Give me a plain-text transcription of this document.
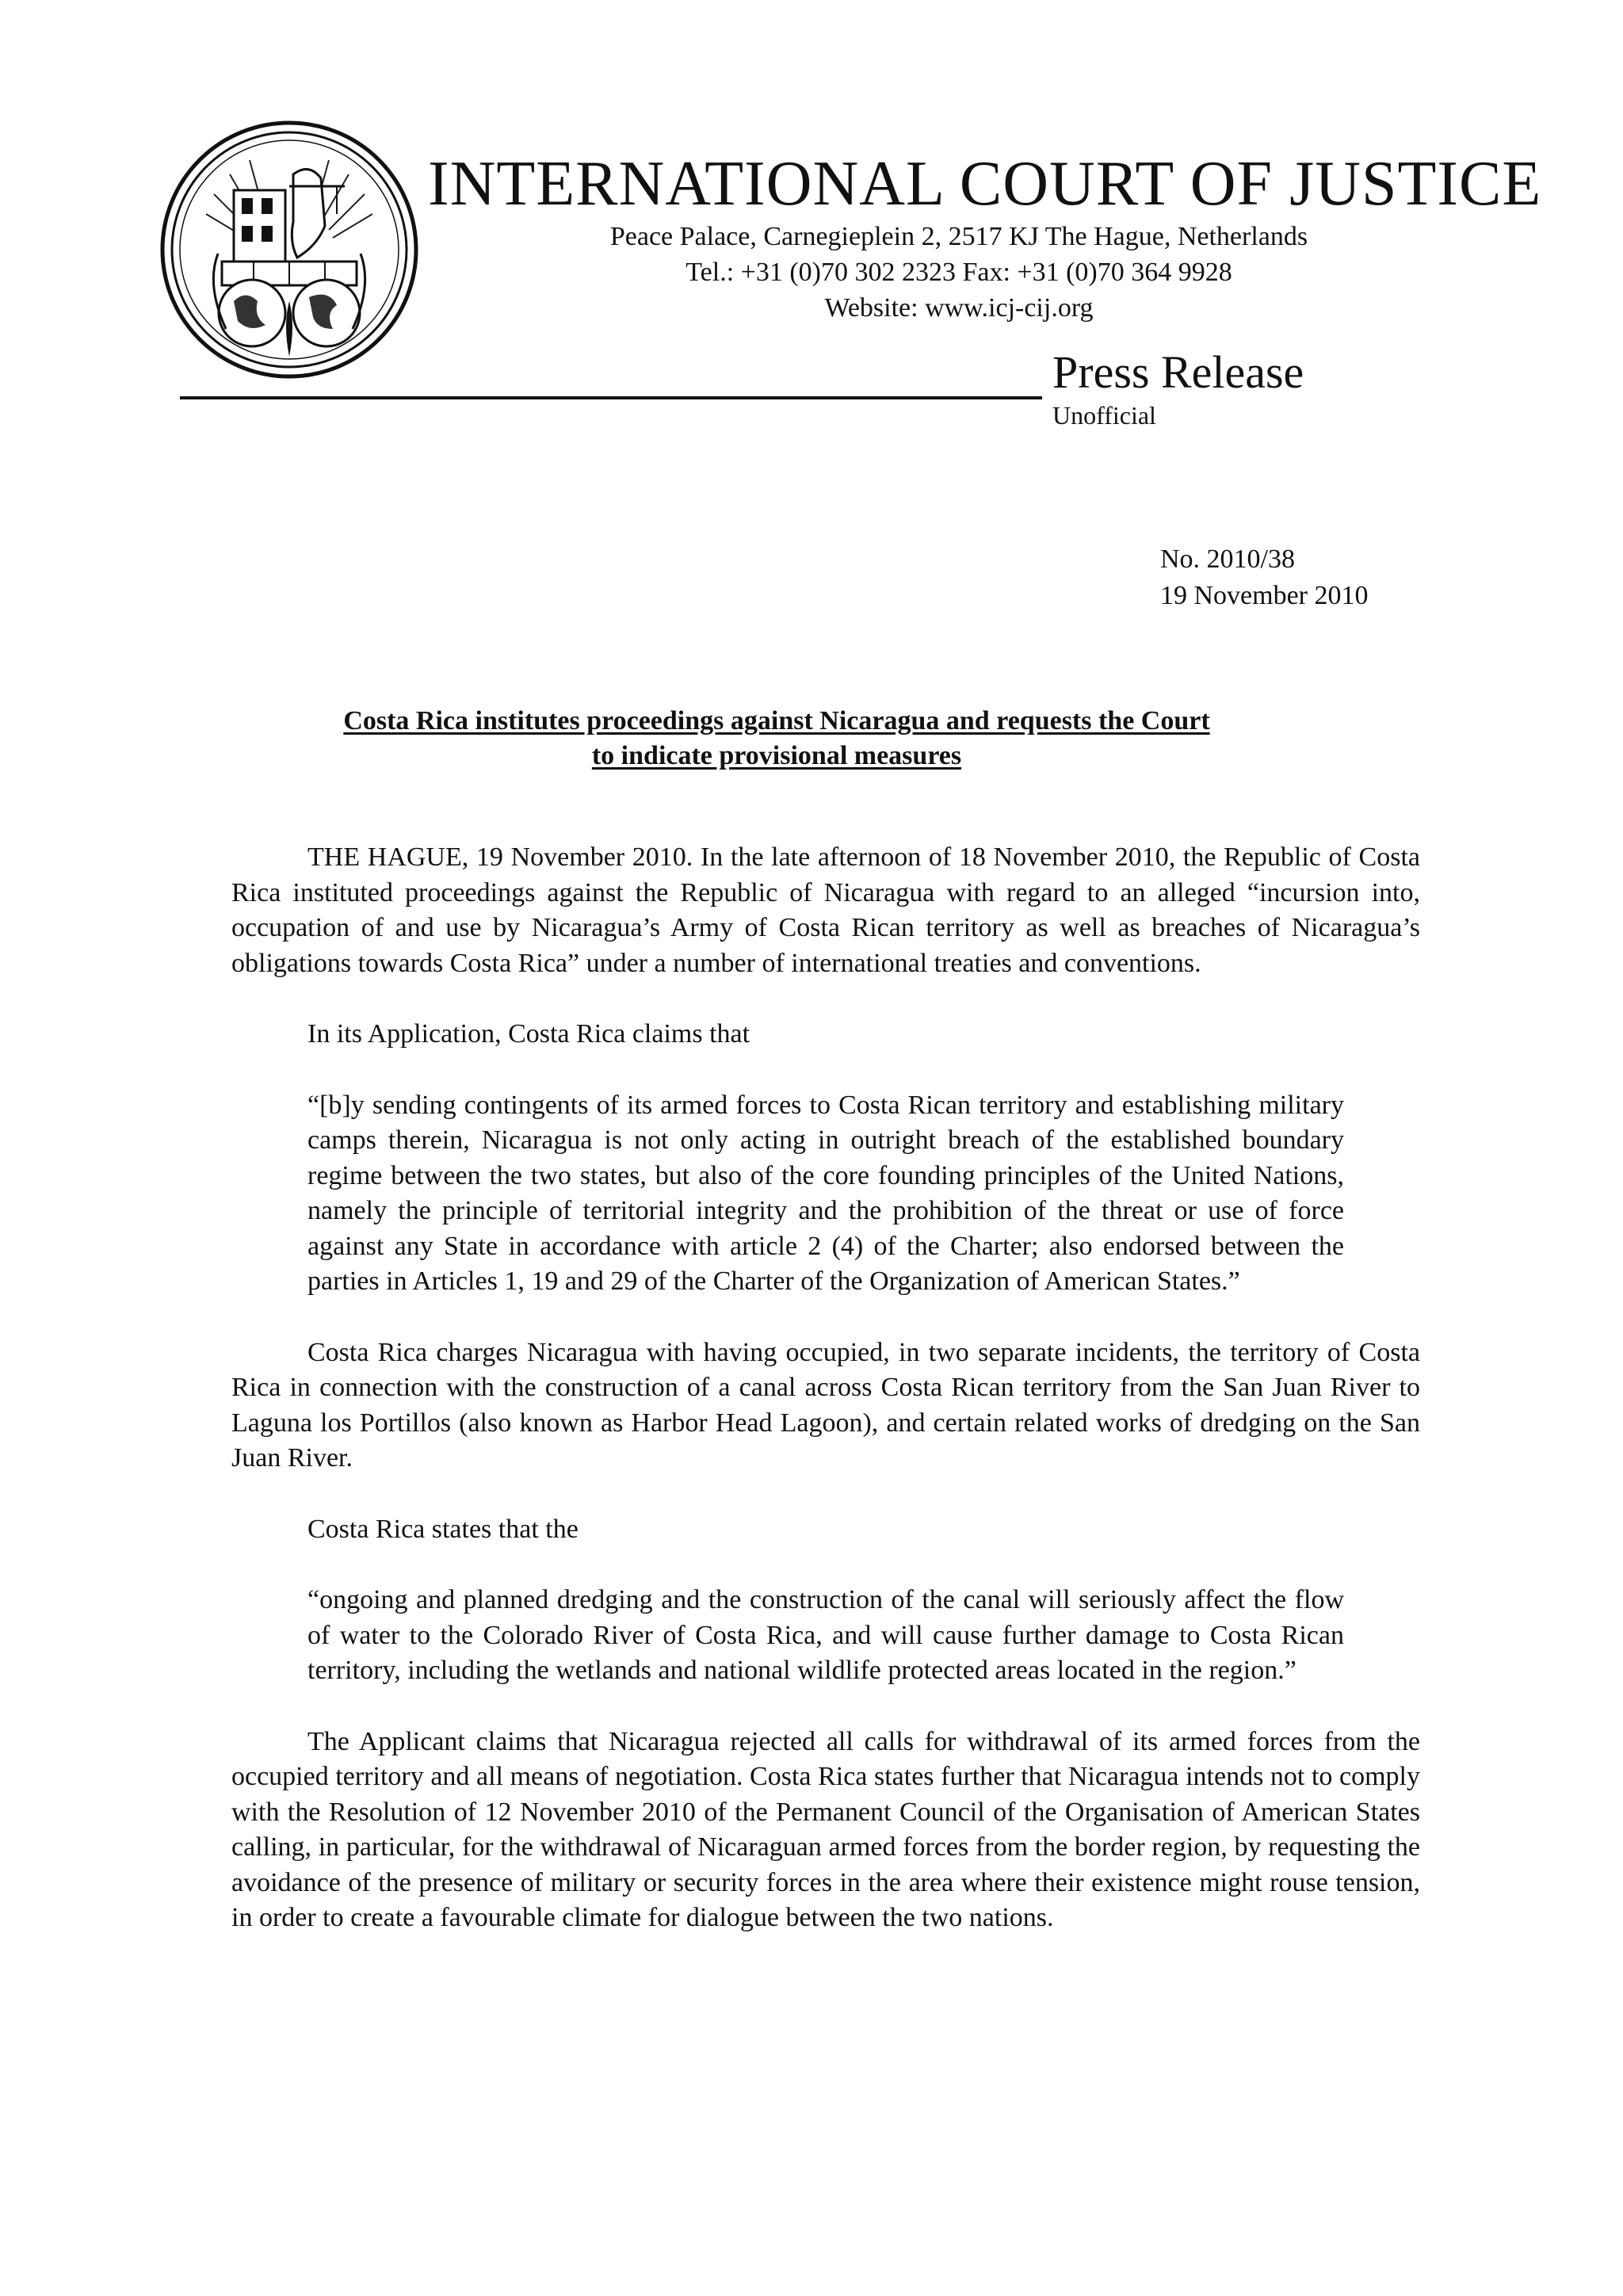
INTERNATIONAL COURT OF JUSTICE
Peace Palace, Carnegieplein 2, 2517 KJ The Hague, Netherlands
Tel.: +31 (0)70 302 2323 Fax: +31 (0)70 364 9928
Website: www.icj-cij.org
Press Release
Unofficial
No. 2010/38
19 November 2010
Costa Rica institutes proceedings against Nicaragua and requests the Court
to indicate provisional measures

THE HAGUE, 19 November 2010. In the late afternoon of 18 November 2010, the Republic of Costa Rica instituted proceedings against the Republic of Nicaragua with regard to an alleged “incursion into, occupation of and use by Nicaragua’s Army of Costa Rican territory as well as breaches of Nicaragua’s obligations towards Costa Rica” under a number of international treaties and conventions.

In its Application, Costa Rica claims that

“[b]y sending contingents of its armed forces to Costa Rican territory and establishing military camps therein, Nicaragua is not only acting in outright breach of the established boundary regime between the two states, but also of the core founding principles of the United Nations, namely the principle of territorial integrity and the prohibition of the threat or use of force against any State in accordance with article 2 (4) of the Charter; also endorsed between the parties in Articles 1, 19 and 29 of the Charter of the Organization of American States.”

Costa Rica charges Nicaragua with having occupied, in two separate incidents, the territory of Costa Rica in connection with the construction of a canal across Costa Rican territory from the San Juan River to Laguna los Portillos (also known as Harbor Head Lagoon), and certain related works of dredging on the San Juan River.

Costa Rica states that the

“ongoing and planned dredging and the construction of the canal will seriously affect the flow of water to the Colorado River of Costa Rica, and will cause further damage to Costa Rican territory, including the wetlands and national wildlife protected areas located in the region.”

The Applicant claims that Nicaragua rejected all calls for withdrawal of its armed forces from the occupied territory and all means of negotiation. Costa Rica states further that Nicaragua intends not to comply with the Resolution of 12 November 2010 of the Permanent Council of the Organisation of American States calling, in particular, for the withdrawal of Nicaraguan armed forces from the border region, by requesting the avoidance of the presence of military or security forces in the area where their existence might rouse tension, in order to create a favourable climate for dialogue between the two nations.
